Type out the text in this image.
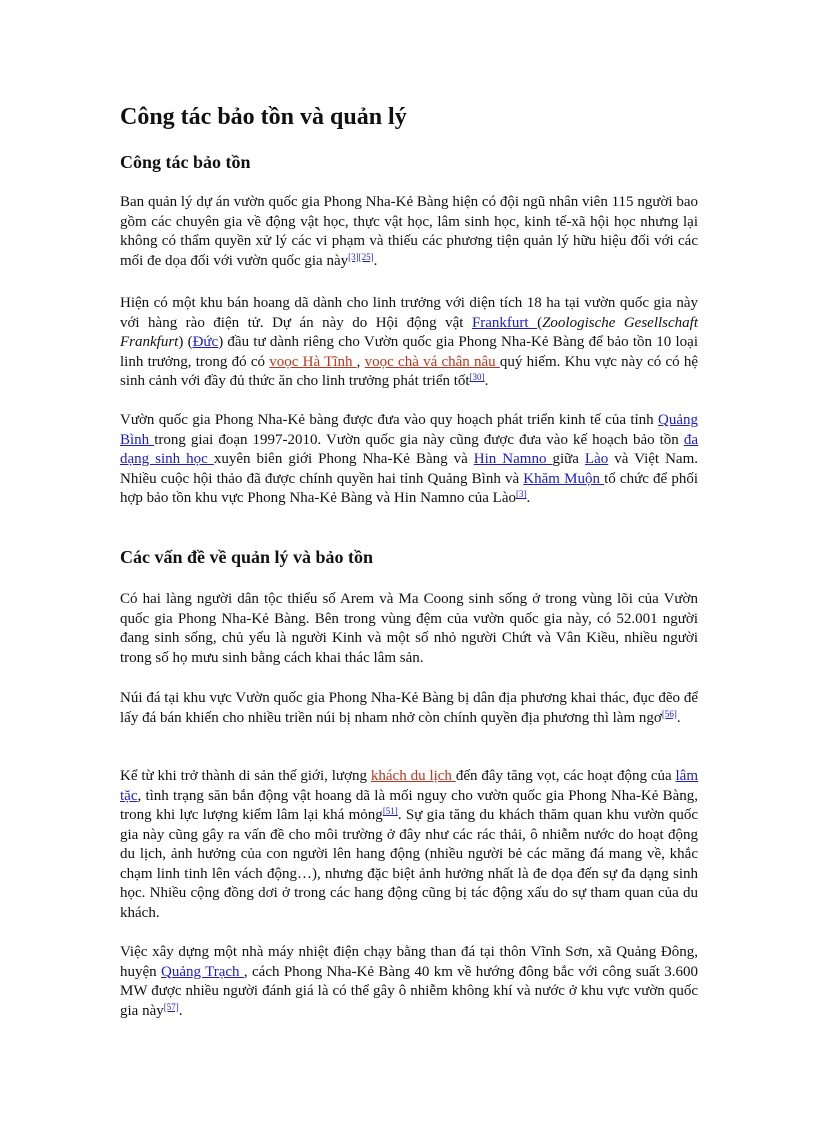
Công tác bảo tồn và quản lý
Công tác bảo tồn

Ban quản lý dự án vườn quốc gia Phong Nha-Kẻ Bàng hiện có đội ngũ nhân viên 115 người bao gồm các chuyên gia về động vật học, thực vật học, lâm sinh học, kinh tế-xã hội học nhưng lại không có thẩm quyền xử lý các vi phạm và thiếu các phương tiện quản lý hữu hiệu đối với các mối đe dọa đối với vườn quốc gia này[3][25].

Hiện có một khu bán hoang dã dành cho linh trưởng với diện tích 18 ha tại vườn quốc gia này với hàng rào điện tử. Dự án này do Hội động vật Frankfurt (Zoologische Gesellschaft Frankfurt) (Đức) đầu tư dành riêng cho Vườn quốc gia Phong Nha-Kẻ Bàng để bảo tồn 10 loại linh trưởng, trong đó có voọc Hà Tĩnh , voọc chà vá chân nâu quý hiếm. Khu vực này có có hệ sinh cảnh với đầy đủ thức ăn cho linh trưởng phát triển tốt[30].

Vườn quốc gia Phong Nha-Kẻ bàng được đưa vào quy hoạch phát triển kinh tế của tỉnh Quảng Bình trong giai đoạn 1997-2010. Vườn quốc gia này cũng được đưa vào kế hoạch bảo tồn đa dạng sinh học xuyên biên giới Phong Nha-Kẻ Bàng và Hin Namno giữa Lào và Việt Nam. Nhiều cuộc hội thảo đã được chính quyền hai tỉnh Quảng Bình và Khăm Muộn tổ chức để phối hợp bảo tồn khu vực Phong Nha-Kẻ Bàng và Hin Namno của Lào[3].

Các vấn đề về quản lý và bảo tồn

Có hai làng người dân tộc thiểu số Arem và Ma Coong sinh sống ở trong vùng lõi của Vườn quốc gia Phong Nha-Kẻ Bàng. Bên trong vùng đệm của vườn quốc gia này, có 52.001 người đang sinh sống, chủ yếu là người Kinh và một số nhỏ người Chứt và Vân Kiều, nhiều người trong số họ mưu sinh bằng cách khai thác lâm sản.

Núi đá tại khu vực Vườn quốc gia Phong Nha-Kẻ Bàng bị dân địa phương khai thác, đục đẽo để lấy đá bán khiến cho nhiều triền núi bị nham nhở còn chính quyền địa phương thì làm ngơ[56].

Kể từ khi trở thành di sản thế giới, lượng khách du lịch đến đây tăng vọt, các hoạt động của lâm tặc, tình trạng săn bắn động vật hoang dã là mối nguy cho vườn quốc gia Phong Nha-Kẻ Bàng, trong khi lực lượng kiểm lâm lại khá mỏng[51]. Sự gia tăng du khách thăm quan khu vườn quốc gia này cũng gây ra vấn đề cho môi trường ở đây như các rác thải, ô nhiễm nước do hoạt động du lịch, ảnh hưởng của con người lên hang động (nhiều người bẻ các măng đá mang về, khắc chạm linh tinh lên vách động…), nhưng đặc biệt ảnh hưởng nhất là đe dọa đến sự đa dạng sinh học. Nhiều cộng đồng dơi ở trong các hang động cũng bị tác động xấu do sự tham quan của du khách.

Việc xây dựng một nhà máy nhiệt điện chạy bằng than đá tại thôn Vĩnh Sơn, xã Quảng Đông, huyện Quảng Trạch , cách Phong Nha-Kẻ Bàng 40 km về hướng đông bắc với công suất 3.600 MW được nhiều người đánh giá là có thể gây ô nhiễm không khí và nước ở khu vực vườn quốc gia này[57].
